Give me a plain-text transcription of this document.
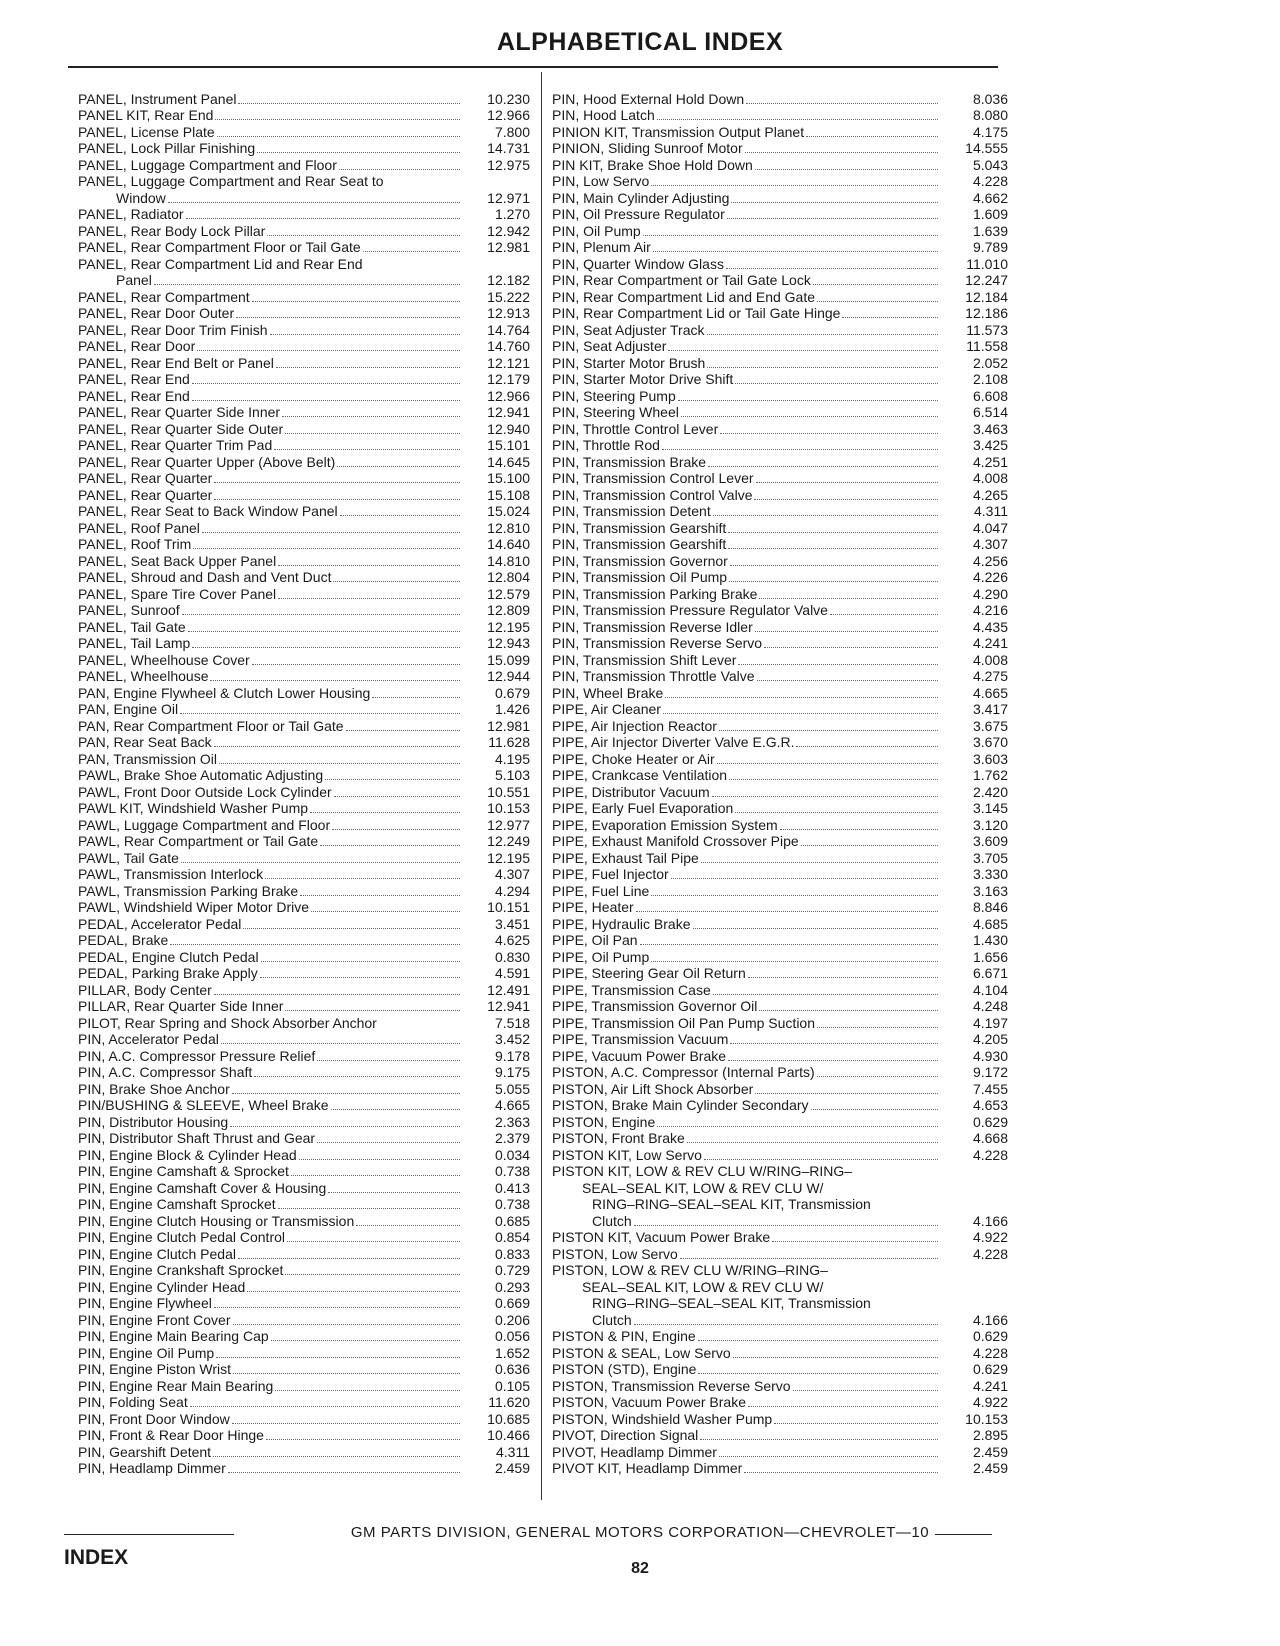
ALPHABETICAL INDEX
PANEL, Instrument Panel	10.230
PANEL KIT, Rear End	12.966
PANEL, License Plate	7.800
PANEL, Lock Pillar Finishing	14.731
PANEL, Luggage Compartment and Floor	12.975
PANEL, Luggage Compartment and Rear Seat to
Window	12.971
PANEL, Radiator	1.270
PANEL, Rear Body Lock Pillar	12.942
PANEL, Rear Compartment Floor or Tail Gate	12.981
PANEL, Rear Compartment Lid and Rear End
Panel	12.182
PANEL, Rear Compartment	15.222
PANEL, Rear Door Outer	12.913
PANEL, Rear Door Trim Finish	14.764
PANEL, Rear Door	14.760
PANEL, Rear End Belt or Panel	12.121
PANEL, Rear End	12.179
PANEL, Rear End	12.966
PANEL, Rear Quarter Side Inner	12.941
PANEL, Rear Quarter Side Outer	12.940
PANEL, Rear Quarter Trim Pad	15.101
PANEL, Rear Quarter Upper (Above Belt)	14.645
PANEL, Rear Quarter	15.100
PANEL, Rear Quarter	15.108
PANEL, Rear Seat to Back Window Panel	15.024
PANEL, Roof Panel	12.810
PANEL, Roof Trim	14.640
PANEL, Seat Back Upper Panel	14.810
PANEL, Shroud and Dash and Vent Duct	12.804
PANEL, Spare Tire Cover Panel	12.579
PANEL, Sunroof	12.809
PANEL, Tail Gate	12.195
PANEL, Tail Lamp	12.943
PANEL, Wheelhouse Cover	15.099
PANEL, Wheelhouse	12.944
PAN, Engine Flywheel & Clutch Lower Housing	0.679
PAN, Engine Oil	1.426
PAN, Rear Compartment Floor or Tail Gate	12.981
PAN, Rear Seat Back	11.628
PAN, Transmission Oil	4.195
PAWL, Brake Shoe Automatic Adjusting	5.103
PAWL, Front Door Outside Lock Cylinder	10.551
PAWL KIT, Windshield Washer Pump	10.153
PAWL, Luggage Compartment and Floor	12.977
PAWL, Rear Compartment or Tail Gate	12.249
PAWL, Tail Gate	12.195
PAWL, Transmission Interlock	4.307
PAWL, Transmission Parking Brake	4.294
PAWL, Windshield Wiper Motor Drive	10.151
PEDAL, Accelerator Pedal	3.451
PEDAL, Brake	4.625
PEDAL, Engine Clutch Pedal	0.830
PEDAL, Parking Brake Apply	4.591
PILLAR, Body Center	12.491
PILLAR, Rear Quarter Side Inner	12.941
PILOT, Rear Spring and Shock Absorber Anchor	7.518
PIN, Accelerator Pedal	3.452
PIN, A.C. Compressor Pressure Relief	9.178
PIN, A.C. Compressor Shaft	9.175
PIN, Brake Shoe Anchor	5.055
PIN/BUSHING & SLEEVE, Wheel Brake	4.665
PIN, Distributor Housing	2.363
PIN, Distributor Shaft Thrust and Gear	2.379
PIN, Engine Block & Cylinder Head	0.034
PIN, Engine Camshaft & Sprocket	0.738
PIN, Engine Camshaft Cover & Housing	0.413
PIN, Engine Camshaft Sprocket	0.738
PIN, Engine Clutch Housing or Transmission	0.685
PIN, Engine Clutch Pedal Control	0.854
PIN, Engine Clutch Pedal	0.833
PIN, Engine Crankshaft Sprocket	0.729
PIN, Engine Cylinder Head	0.293
PIN, Engine Flywheel	0.669
PIN, Engine Front Cover	0.206
PIN, Engine Main Bearing Cap	0.056
PIN, Engine Oil Pump	1.652
PIN, Engine Piston Wrist	0.636
PIN, Engine Rear Main Bearing	0.105
PIN, Folding Seat	11.620
PIN, Front Door Window	10.685
PIN, Front & Rear Door Hinge	10.466
PIN, Gearshift Detent	4.311
PIN, Headlamp Dimmer	2.459
PIN, Hood External Hold Down	8.036
PIN, Hood Latch	8.080
PINION KIT, Transmission Output Planet	4.175
PINION, Sliding Sunroof Motor	14.555
PIN KIT, Brake Shoe Hold Down	5.043
PIN, Low Servo	4.228
PIN, Main Cylinder Adjusting	4.662
PIN, Oil Pressure Regulator	1.609
PIN, Oil Pump	1.639
PIN, Plenum Air	9.789
PIN, Quarter Window Glass	11.010
PIN, Rear Compartment or Tail Gate Lock	12.247
PIN, Rear Compartment Lid and End Gate	12.184
PIN, Rear Compartment Lid or Tail Gate Hinge	12.186
PIN, Seat Adjuster Track	11.573
PIN, Seat Adjuster	11.558
PIN, Starter Motor Brush	2.052
PIN, Starter Motor Drive Shift	2.108
PIN, Steering Pump	6.608
PIN, Steering Wheel	6.514
PIN, Throttle Control Lever	3.463
PIN, Throttle Rod	3.425
PIN, Transmission Brake	4.251
PIN, Transmission Control Lever	4.008
PIN, Transmission Control Valve	4.265
PIN, Transmission Detent	4.311
PIN, Transmission Gearshift	4.047
PIN, Transmission Gearshift	4.307
PIN, Transmission Governor	4.256
PIN, Transmission Oil Pump	4.226
PIN, Transmission Parking Brake	4.290
PIN, Transmission Pressure Regulator Valve	4.216
PIN, Transmission Reverse Idler	4.435
PIN, Transmission Reverse Servo	4.241
PIN, Transmission Shift Lever	4.008
PIN, Transmission Throttle Valve	4.275
PIN, Wheel Brake	4.665
PIPE, Air Cleaner	3.417
PIPE, Air Injection Reactor	3.675
PIPE, Air Injector Diverter Valve E.G.R.	3.670
PIPE, Choke Heater or Air	3.603
PIPE, Crankcase Ventilation	1.762
PIPE, Distributor Vacuum	2.420
PIPE, Early Fuel Evaporation	3.145
PIPE, Evaporation Emission System	3.120
PIPE, Exhaust Manifold Crossover Pipe	3.609
PIPE, Exhaust Tail Pipe	3.705
PIPE, Fuel Injector	3.330
PIPE, Fuel Line	3.163
PIPE, Heater	8.846
PIPE, Hydraulic Brake	4.685
PIPE, Oil Pan	1.430
PIPE, Oil Pump	1.656
PIPE, Steering Gear Oil Return	6.671
PIPE, Transmission Case	4.104
PIPE, Transmission Governor Oil	4.248
PIPE, Transmission Oil Pan Pump Suction	4.197
PIPE, Transmission Vacuum	4.205
PIPE, Vacuum Power Brake	4.930
PISTON, A.C. Compressor (Internal Parts)	9.172
PISTON, Air Lift Shock Absorber	7.455
PISTON, Brake Main Cylinder Secondary	4.653
PISTON, Engine	0.629
PISTON, Front Brake	4.668
PISTON KIT, Low Servo	4.228
PISTON KIT, LOW & REV CLU W/RING–RING–
SEAL–SEAL KIT, LOW & REV CLU W/
RING–RING–SEAL–SEAL KIT, Transmission
Clutch	4.166
PISTON KIT, Vacuum Power Brake	4.922
PISTON, Low Servo	4.228
PISTON, LOW & REV CLU W/RING–RING–
SEAL–SEAL KIT, LOW & REV CLU W/
RING–RING–SEAL–SEAL KIT, Transmission
Clutch	4.166
PISTON & PIN, Engine	0.629
PISTON & SEAL, Low Servo	4.228
PISTON (STD), Engine	0.629
PISTON, Transmission Reverse Servo	4.241
PISTON, Vacuum Power Brake	4.922
PISTON, Windshield Washer Pump	10.153
PIVOT, Direction Signal	2.895
PIVOT, Headlamp Dimmer	2.459
PIVOT KIT, Headlamp Dimmer	2.459
GM PARTS DIVISION, GENERAL MOTORS CORPORATION—CHEVROLET—10
INDEX	82
